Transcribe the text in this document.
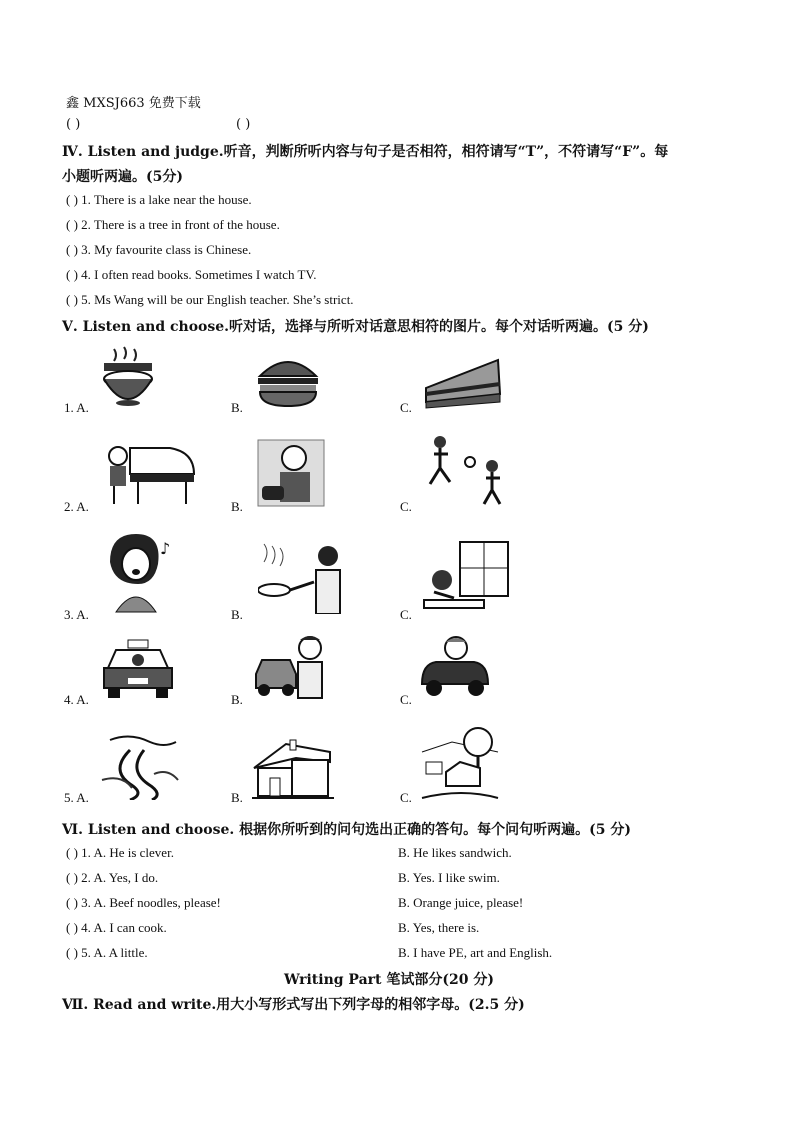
鑫 MXSJ663 免费下载
( )	( )
Ⅳ. Listen and judge.听音，判断所听内容与句子是否相符，相符请写“T”，不符请写“F”。每
小题听两遍。(5分)
( ) 1. There is a lake near the house.
( ) 2. There is a tree in front of the house.
( ) 3. My favourite class is Chinese.
( ) 4. I often read books. Sometimes I watch TV.
( ) 5. Ms Wang will be our English teacher. She’s strict.
Ⅴ. Listen and choose.听对话，选择与所听对话意思相符的图片。每个对话听两遍。(5 分)
1. A.	B.	C.
2. A.	B.	C.
3. A.	B.	C.
♪
4. A.	B.	C.
5. A.	B.	C.
Ⅵ. Listen and choose. 根据你所听到的问句选出正确的答句。每个问句听两遍。(5 分)
( ) 1. A. He is clever.	B. He likes sandwich.
( ) 2. A. Yes, I do.	B. Yes. I like swim.
( ) 3. A. Beef noodles, please!	B. Orange juice, please!
( ) 4. A. I can cook.	B. Yes, there is.
( ) 5. A. A little.	B. I have PE, art and English.
Writing Part 笔试部分(20 分)
Ⅶ. Read and write.用大小写形式写出下列字母的相邻字母。(2.5 分)
